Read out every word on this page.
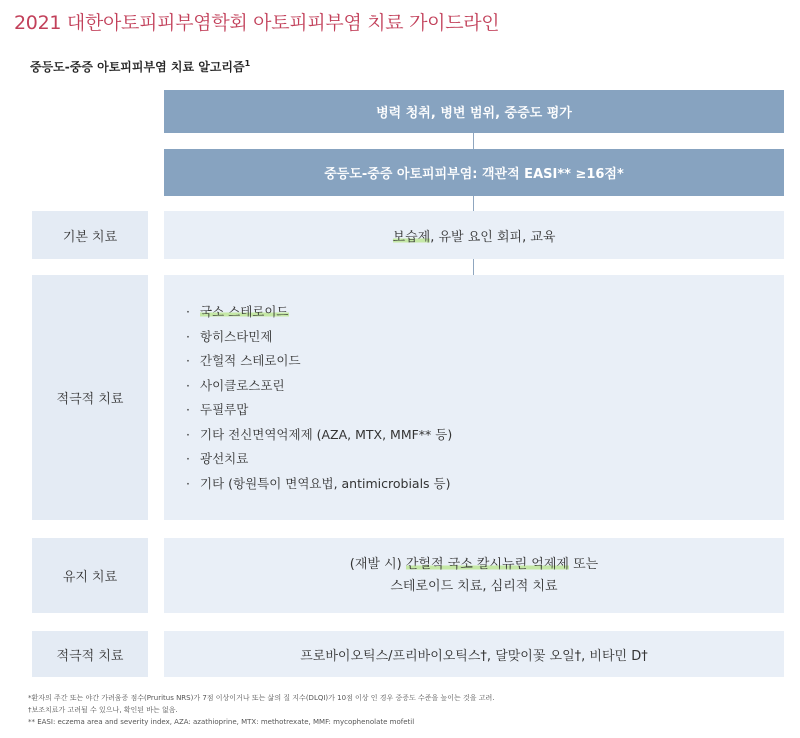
2021 대한아토피피부염학회 아토피피부염 치료 가이드라인
중등도-중증 아토피피부염 치료 알고리즘$^1$
병력 청취, 병변 범위, 중증도 평가
중등도-중증 아토피피부염: 객관적 EASI** ≥16점*
기본 치료	보습제, 유발 요인 회피, 교육
적극적 치료
· 국소 스테로이드
· 항히스타민제
· 간헐적 스테로이드
· 사이클로스포린
· 두필루맙
· 기타 전신면역억제제 (AZA, MTX, MMF** 등)
· 광선치료
· 기타 (항원특이 면역요법, antimicrobials 등)
유지 치료
(재발 시) 간헐적 국소 칼시뉴린 억제제 또는
스테로이드 치료, 심리적 치료
적극적 치료	프로바이오틱스/프리바이오틱스†, 달맞이꽃 오일†, 비타민 D†
*환자의 주간 또는 야간 가려움증 점수(Pruritus NRS)가 7점 이상이거나 또는 삶의 질 지수(DLQI)가 10점 이상 인 경우 중증도 수준을 높이는 것을 고려.
†보조치료가 고려될 수 있으나, 확인된 바는 없음.
** EASI: eczema area and severity index, AZA: azathioprine, MTX: methotrexate, MMF: mycophenolate mofetil
